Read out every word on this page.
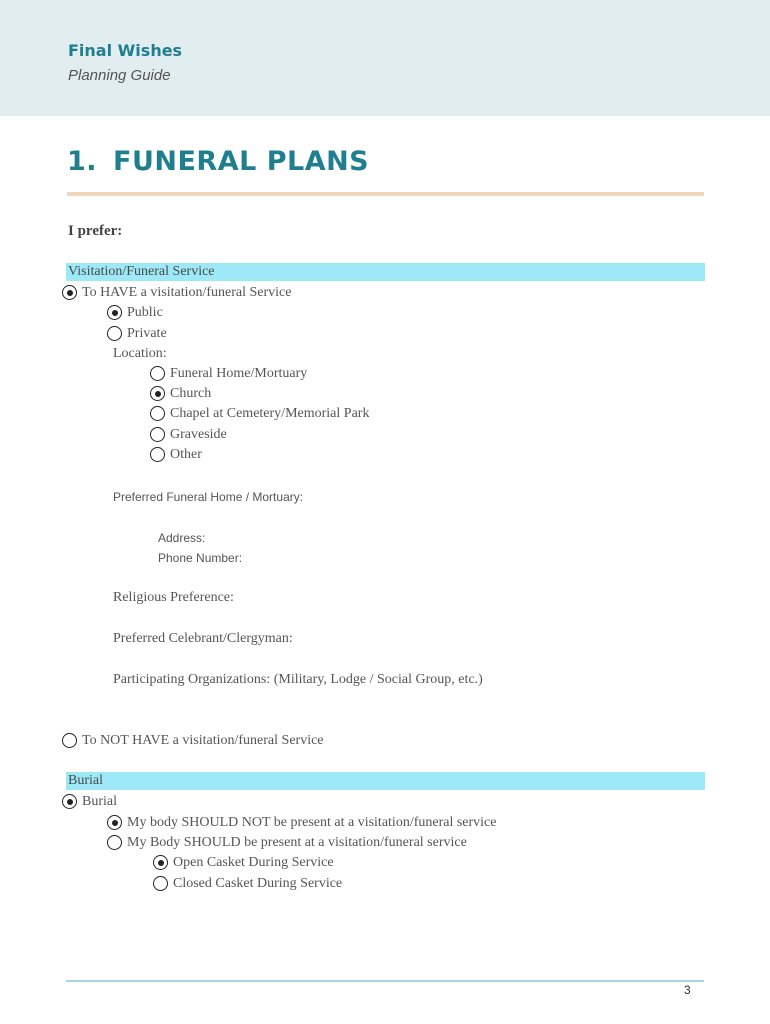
Final Wishes
Planning Guide
1. FUNERAL PLANS
I prefer:
Visitation/Funeral Service
To HAVE a visitation/funeral Service
Public
Private
Location:
Funeral Home/Mortuary
Church
Chapel at Cemetery/Memorial Park
Graveside
Other
Preferred Funeral Home / Mortuary:
Address:
Phone Number:
Religious Preference:
Preferred Celebrant/Clergyman:
Participating Organizations: (Military, Lodge / Social Group, etc.)
To NOT HAVE a visitation/funeral Service
Burial
Burial
My body SHOULD NOT be present at a visitation/funeral service
My Body SHOULD be present at a visitation/funeral service
Open Casket During Service
Closed Casket During Service
3
